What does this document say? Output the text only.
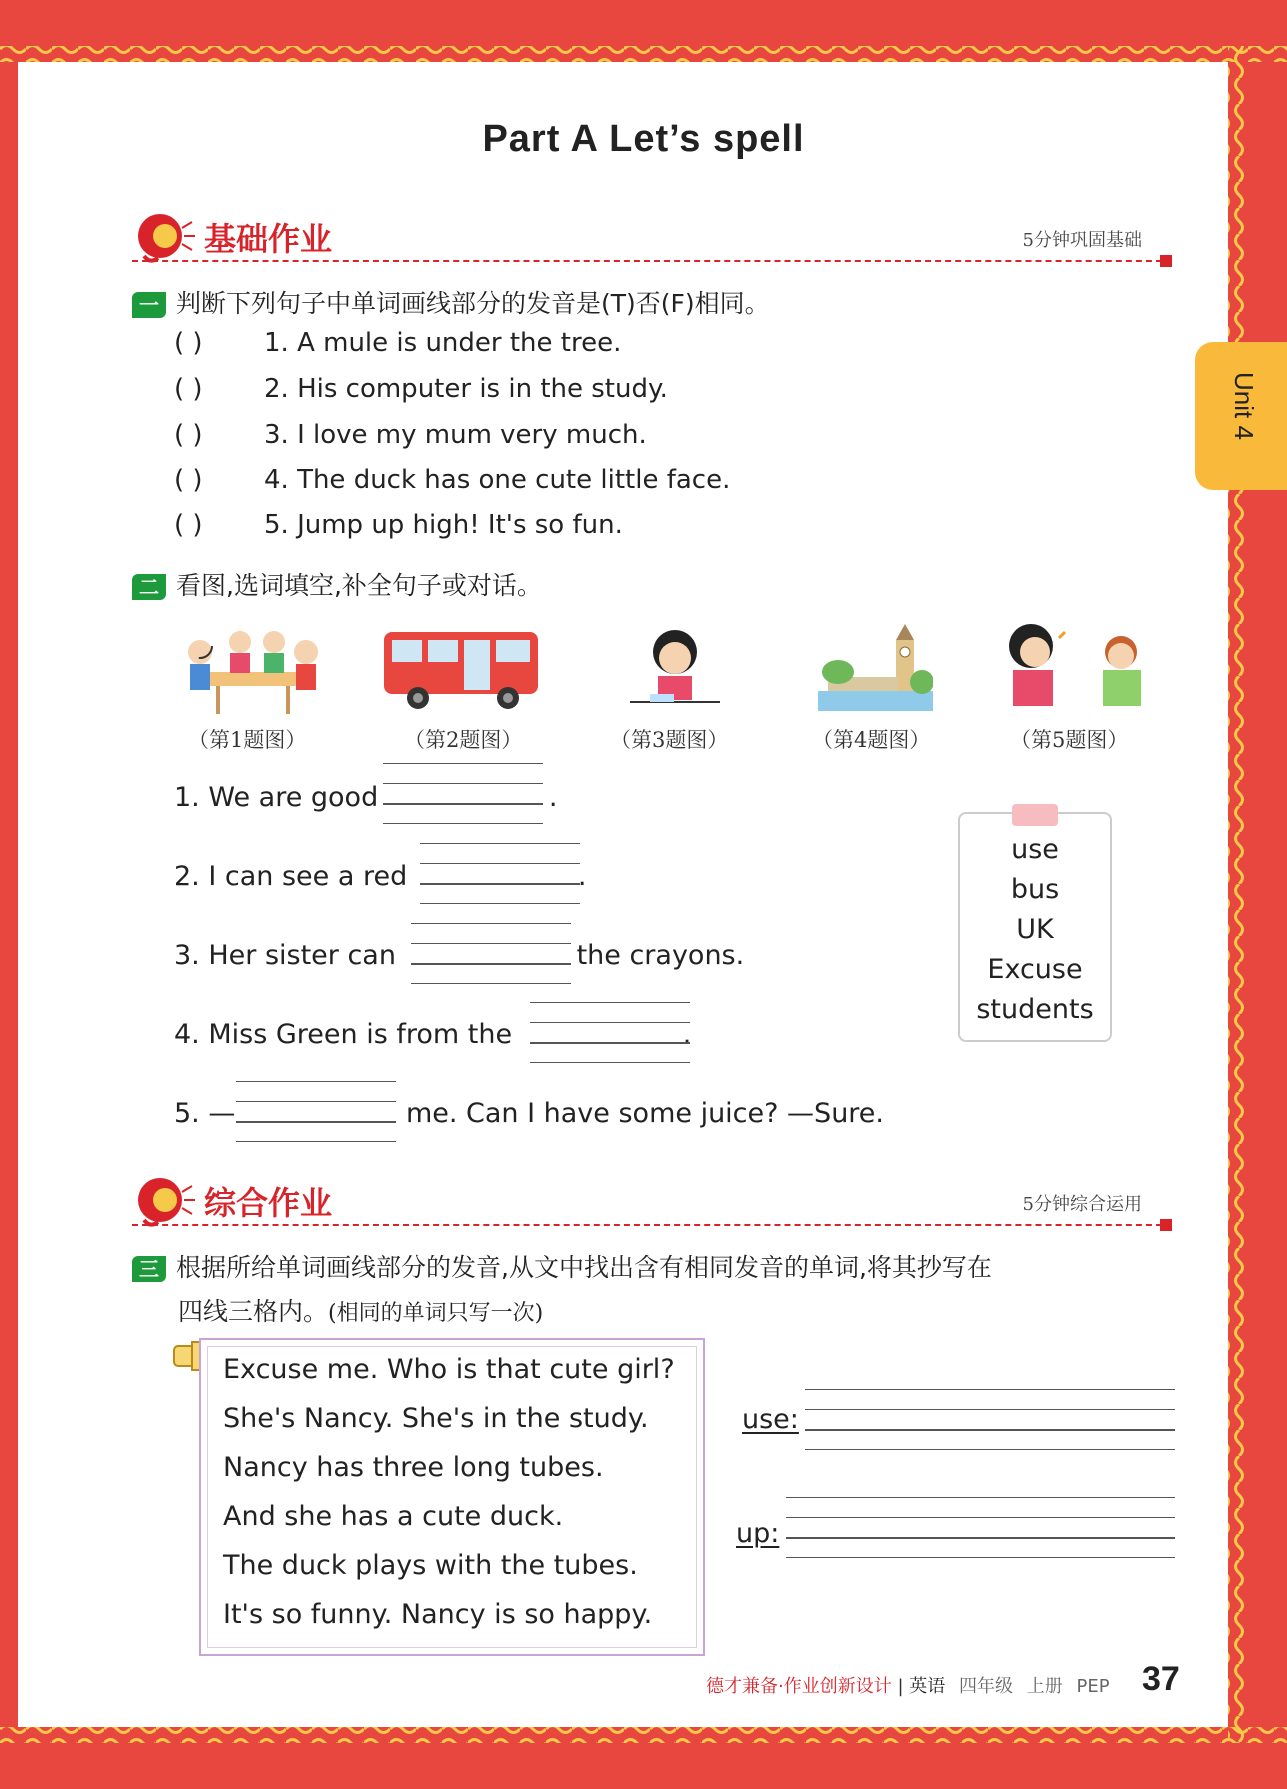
Unit 4
Part A Let’s spell
基础作业	5分钟巩固基础
一 判断下列句子中单词画线部分的发音是(T)否(F)相同。
( ) 1. A mule is under the tree.
( ) 2. His computer is in the study.
( ) 3. I love my mum very much.
( ) 4. The duck has one cute little face.
( ) 5. Jump up high! It's so fun.
二 看图,选词填空,补全句子或对话。
（第1题图）	（第2题图）	（第3题图）	（第4题图）	（第5题图）
1. We are good	.
2. I can see a red	.
3. Her sister can	the crayons.
4. Miss Green is from the	.
5. —	me. Can I have some juice? —Sure.
use
bus
UK
Excuse
students
综合作业	5分钟综合运用
三 根据所给单词画线部分的发音,从文中找出含有相同发音的单词,将其抄写在
四线三格内。(相同的单词只写一次)
Excuse me. Who is that cute girl?
She's Nancy. She's in the study.
Nancy has three long tubes.
And she has a cute duck.
The duck plays with the tubes.
It's so funny. Nancy is so happy.
use:
up:
德才兼备·作业创新设计 | 英语 四年级 上册 PEP 37
